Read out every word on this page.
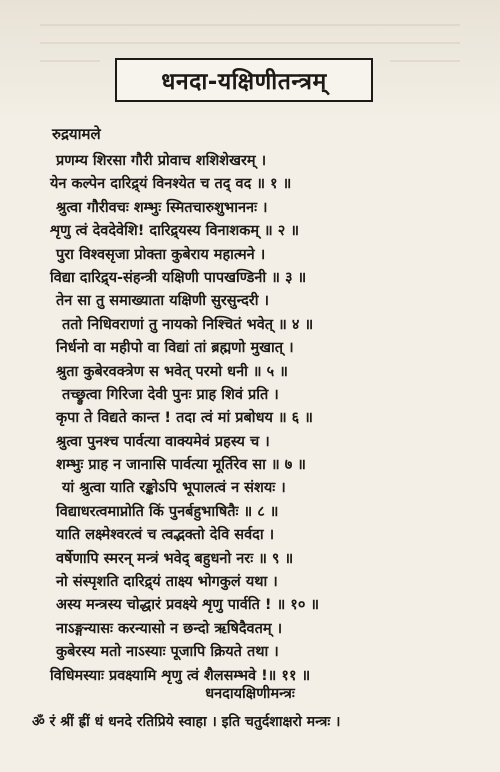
धनदा-यक्षिणीतन्त्रम्
रुद्रयामले
प्रणम्य शिरसा गौरी प्रोवाच शशिशेखरम् ।
येन कल्पेन दारिद्र्यं विनश्येत च तद् वद ॥ १ ॥
श्रुत्वा गौरीवचः शम्भुः स्मितचारुशुभाननः ।
शृणु त्वं देवदेवेशि! दारिद्र्यस्य विनाशकम् ॥ २ ॥
पुरा विश्वसृजा प्रोक्ता कुबेराय महात्मने ।
विद्या दारिद्र्य-संहन्त्री यक्षिणी पापखण्डिनी ॥ ३ ॥
तेन सा तु समाख्याता यक्षिणी सुरसुन्दरी ।
ततो निधिवराणां तु नायको निश्चितं भवेत् ॥ ४ ॥
निर्धनो वा महीपो वा विद्यां तां ब्रह्मणो मुखात् ।
श्रुता कुबेरवक्त्रेण स भवेत् परमो धनी ॥ ५ ॥
तच्छ्रुत्वा गिरिजा देवी पुनः प्राह शिवं प्रति ।
कृपा ते विद्यते कान्त ! तदा त्वं मां प्रबोधय ॥ ६ ॥
श्रुत्वा पुनश्च पार्वत्या वाक्यमेवं प्रहस्य च ।
शम्भुः प्राह न जानासि पार्वत्या मूर्तिरेव सा ॥ ७ ॥
यां श्रुत्वा याति रङ्कोऽपि भूपालत्वं न संशयः ।
विद्याधरत्वमाप्नोति किं पुनर्बहुभाषितैः ॥ ८ ॥
याति लक्ष्मेश्वरत्वं च त्वद्भक्तो देवि सर्वदा ।
वर्षेणापि स्मरन् मन्त्रं भवेद् बहुधनो नरः ॥ ९ ॥
नो संस्पृशति दारिद्र्यं ताक्ष्य भोगकुलं यथा ।
अस्य मन्त्रस्य चोद्धारं प्रवक्ष्ये शृणु पार्वति ! ॥ १० ॥
नाऽङ्गन्यासः करन्यासो न छन्दो ऋषिदैवतम् ।
कुबेरस्य मतो नाऽस्याः पूजापि क्रियते तथा ।
विधिमस्याः प्रवक्ष्यामि शृणु त्वं शैलसम्भवे !॥ ११ ॥
धनदायक्षिणीमन्त्रः
ॐ रं श्रीं ह्रीं धं धनदे रतिप्रिये स्वाहा । इति चतुर्दशाक्षरो मन्त्रः ।
